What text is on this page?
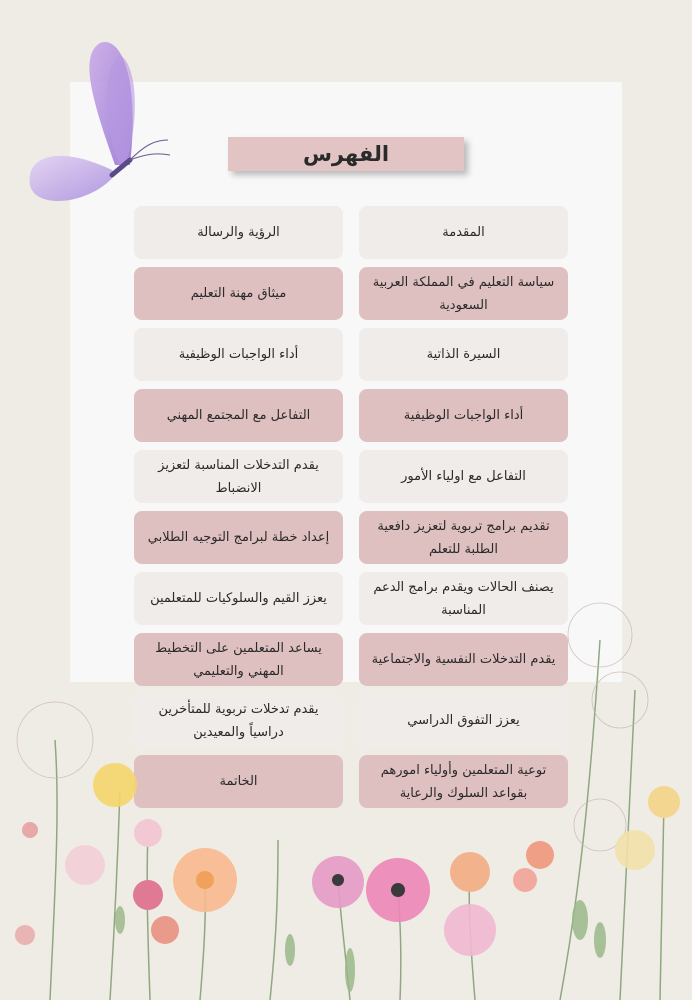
الفهرس
المقدمة
الرؤية والرسالة
سياسة التعليم في المملكة العربية السعودية
ميثاق مهنة التعليم
السيرة الذاتية
أداء الواجبات الوظيفية
أداء الواجبات الوظيفية
التفاعل مع المجتمع المهني
التفاعل مع اولياء الأمور
يقدم التدخلات المناسبة لتعزيز الانضباط
تقديم برامج تربوية لتعزيز دافعية الطلبة للتعلم
إعداد خطة لبرامج التوجيه الطلابي
يصنف الحالات ويقدم برامج الدعم المناسبة
يعزز القيم والسلوكيات للمتعلمين
يقدم التدخلات النفسية والاجتماعية
يساعد المتعلمين على التخطيط المهني والتعليمي
يعزز التفوق الدراسي
يقدم تدخلات تربوية للمتأخرين دراسياً والمعيدين
توعية المتعلمين وأولياء امورهم بقواعد السلوك والرعاية
الخاتمة
